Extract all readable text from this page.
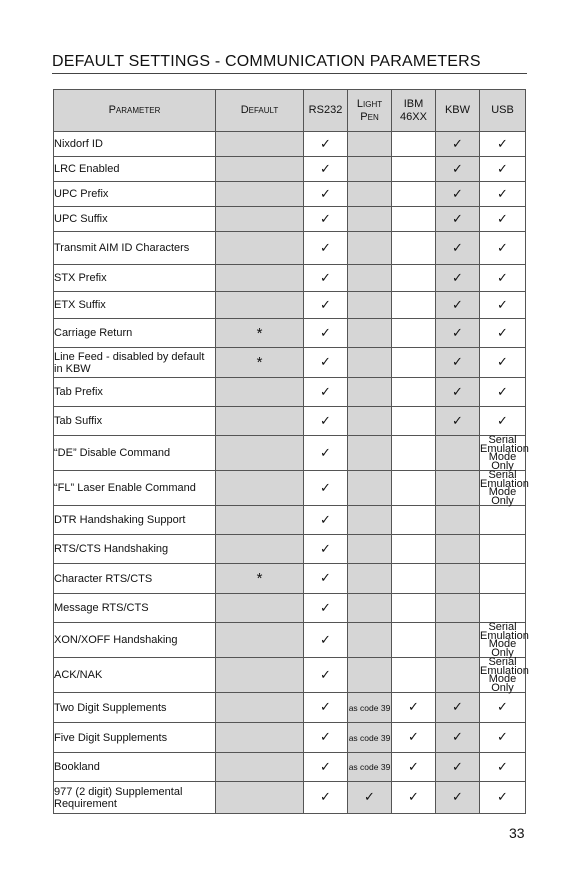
DEFAULT SETTINGS - COMMUNICATION PARAMETERS
Parameter	Default	RS232	Light Pen	IBM 46XX	KBW	USB
Nixdorf ID		✓			✓	✓
LRC Enabled		✓			✓	✓
UPC Prefix		✓			✓	✓
UPC Suffix		✓			✓	✓
Transmit AIM ID Characters		✓			✓	✓
STX Prefix		✓			✓	✓
ETX Suffix		✓			✓	✓
Carriage Return	*	✓			✓	✓
Line Feed - disabled by default in KBW	*	✓			✓	✓
Tab Prefix		✓			✓	✓
Tab Suffix		✓			✓	✓
“DE” Disable Command		✓				Serial Emulation Mode Only
“FL” Laser Enable Command		✓				Serial Emulation Mode Only
DTR Handshaking Support		✓				
RTS/CTS Handshaking		✓				
Character RTS/CTS	*	✓				
Message RTS/CTS		✓				
XON/XOFF Handshaking		✓				Serial Emulation Mode Only
ACK/NAK		✓				Serial Emulation Mode Only
Two Digit Supplements		✓	as code 39	✓	✓	✓
Five Digit Supplements		✓	as code 39	✓	✓	✓
Bookland		✓	as code 39	✓	✓	✓
977 (2 digit) Supplemental Requirement		✓	✓	✓	✓	✓
33
